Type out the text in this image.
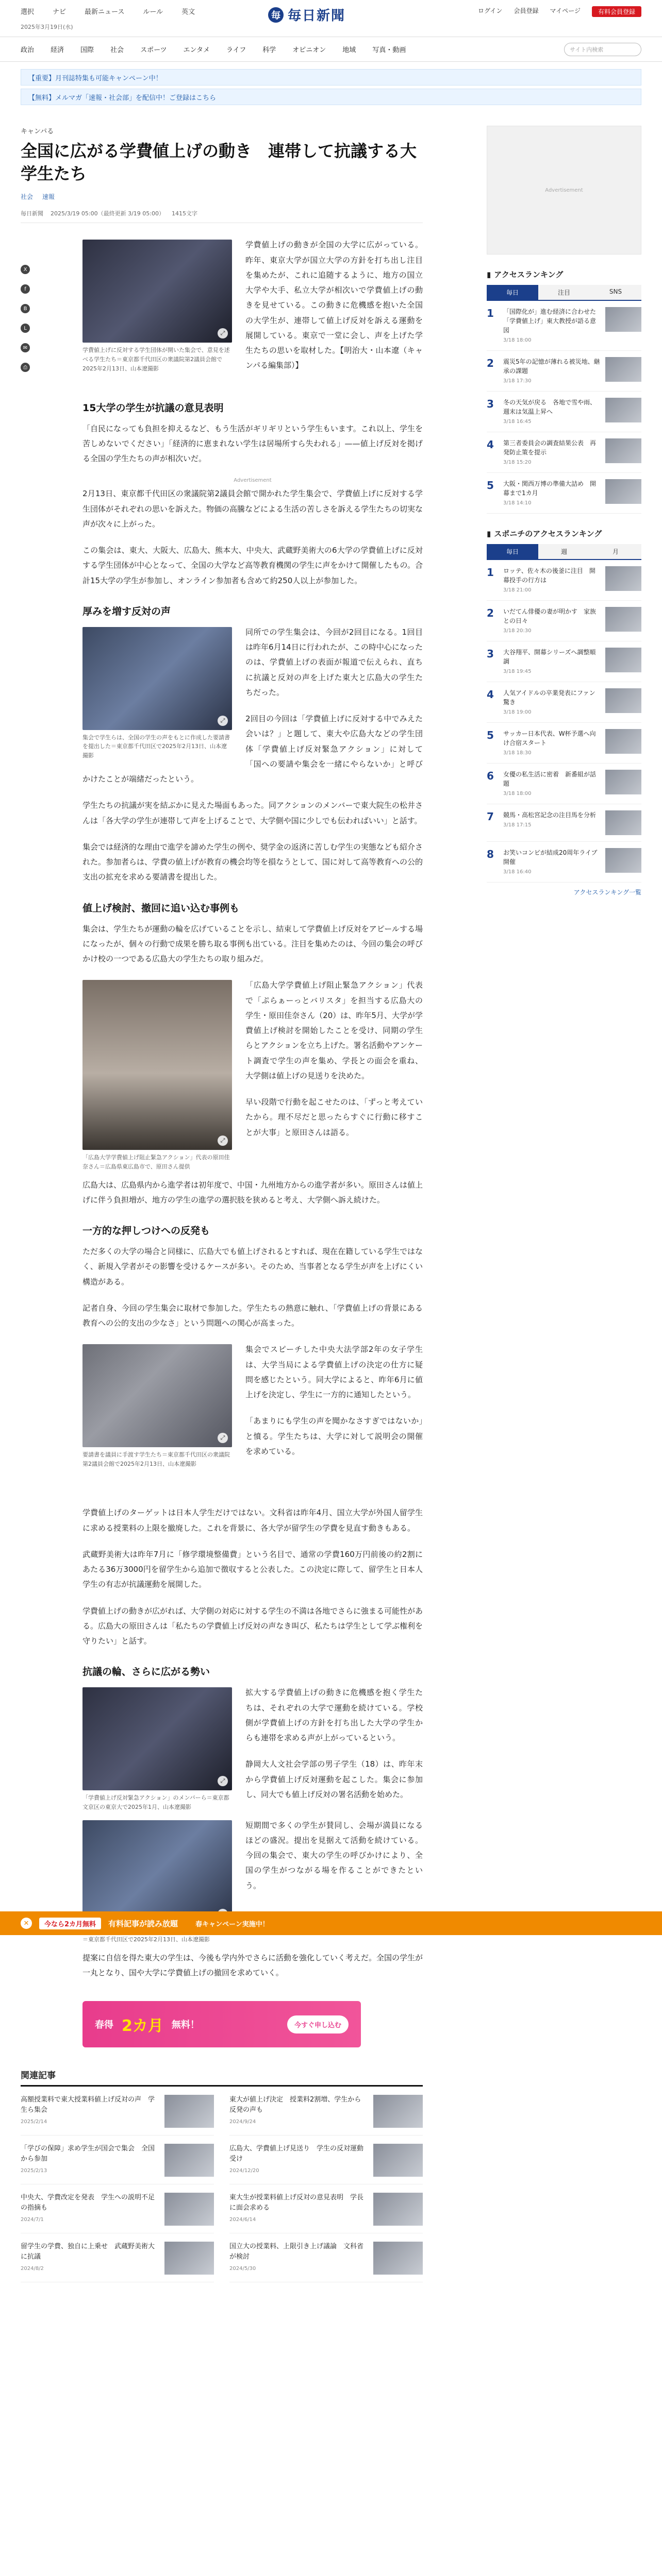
選択	ナビ	最新ニュース	ルール	英文
2025年3月19日(水)
毎 毎日新聞	ログイン 会員登録 マイページ	有料会員登録
政治 経済 国際 社会 スポーツ エンタメ ライフ 科学 オピニオン 地域 写真・動画	サイト内検索
【重要】月刊誌特集も可能キャンペーン中！
【無料】メルマガ「速報・社会部」を配信中！ご登録はこちら
キャンパる
全国に広がる学費値上げの動き　連帯して抗議する大学生たち
社会 速報
毎日新聞 2025/3/19 05:00（最終更新 3/19 05:00） 1415文字
X
f
B
L
✉
⎙
⤢
学費値上げに反対する学生団体が開いた集会で、意見を述べる学生たち＝東京都千代田区の衆議院第2議員会館で2025年2月13日、山本遼撮影

学費値上げの動きが全国の大学に広がっている。昨年、東京大学が国立大学の方針を打ち出し注目を集めたが、これに追随するように、地方の国立大学や大手、私立大学が相次いで学費値上げの動きを見せている。この動きに危機感を抱いた全国の大学生が、連帯して値上げ反対を訴える運動を展開している。東京で一堂に会し、声を上げた学生たちの思いを取材した。【明治大・山本遼（キャンパる編集部）】

15大学の学生が抗議の意見表明

「自民になっても負担を抑えるなど、もう生活がギリギリという学生もいます。これ以上、学生を苦しめないでください」「経済的に恵まれない学生は居場所すら失われる」——値上げ反対を掲げる全国の学生たちの声が相次いだ。

Advertisement

2月13日、東京都千代田区の衆議院第2議員会館で開かれた学生集会で、学費値上げに反対する学生団体がそれぞれの思いを訴えた。物価の高騰などによる生活の苦しさを訴える学生たちの切実な声が次々に上がった。

この集会は、東大、大阪大、広島大、熊本大、中央大、武蔵野美術大の6大学の学費値上げに反対する学生団体が中心となって、全国の大学など高等教育機関の学生に声をかけて開催したもの。合計15大学の学生が参加し、オンライン参加者も含めて約250人以上が参加した。

厚みを増す反対の声
⤢
集会で学生らは、全国の学生の声をもとに作成した要請書を提出した＝東京都千代田区で2025年2月13日、山本遼撮影

同所での学生集会は、今回が2回目になる。1回目は昨年6月14日に行われたが、この時中心になったのは、学費値上げの表面が報道で伝えられ、直ちに抗議と反対の声を上げた東大と広島大の学生たちだった。

2回目の今回は「学費値上げに反対する中でみえた会いは？」と題して、東大や広島大などの学生団体「学費値上げ反対緊急アクション」に対して「国への要請や集会を一緒にやらないか」と呼びかけたことが端緒だったという。

学生たちの抗議が実を結ぶかに見えた場面もあった。同アクションのメンバーで東大院生の松井さんは「各大学の学生が連帯して声を上げることで、大学側や国に少しでも伝わればいい」と話す。

集会では経済的な理由で進学を諦めた学生の例や、奨学金の返済に苦しむ学生の実態なども紹介された。参加者らは、学費の値上げが教育の機会均等を損なうとして、国に対して高等教育への公的支出の拡充を求める要請書を提出した。

値上げ検討、撤回に追い込む事例も

集会は、学生たちが運動の輪を広げていることを示し、結束して学費値上げ反対をアピールする場になったが、個々の行動で成果を勝ち取る事例も出ている。注目を集めたのは、今回の集会の呼びかけ校の一つである広島大の学生たちの取り組みだ。

⤢
「広島大学学費値上げ阻止緊急アクション」代表の原田佳奈さん＝広島県東広島市で、原田さん提供

「広島大学学費値上げ阻止緊急アクション」代表で「ぷらぁーっとバリスタ」を担当する広島大の学生・原田佳奈さん（20）は、昨年5月、大学が学費値上げ検討を開始したことを受け、同期の学生らとアクションを立ち上げた。署名活動やアンケート調査で学生の声を集め、学長との面会を重ね、大学側は値上げの見送りを決めた。

早い段階で行動を起こせたのは、「ずっと考えていたから。理不尽だと思ったらすぐに行動に移すことが大事」と原田さんは語る。

広島大は、広島県内から進学者は初年度で、中国・九州地方からの進学者が多い。原田さんは値上げに伴う負担増が、地方の学生の進学の選択肢を狭めると考え、大学側へ訴え続けた。

一方的な押しつけへの反発も

ただ多くの大学の場合と同様に、広島大でも値上げされるとすれば、現在在籍している学生ではなく、新規入学者がその影響を受けるケースが多い。そのため、当事者となる学生が声を上げにくい構造がある。

記者自身、今回の学生集会に取材で参加した。学生たちの熱意に触れ、「学費値上げの背景にある教育への公的支出の少なさ」という問題への関心が高まった。

⤢
要請書を議員に手渡す学生たち＝東京都千代田区の衆議院第2議員会館で2025年2月13日、山本遼撮影

集会でスピーチした中央大法学部2年の女子学生は、大学当局による学費値上げの決定の仕方に疑問を感じたという。同大学によると、昨年6月に値上げを決定し、学生に一方的に通知したという。

「あまりにも学生の声を聞かなさすぎではないか」と憤る。学生たちは、大学に対して説明会の開催を求めている。

学費値上げのターゲットは日本人学生だけではない。文科省は昨年4月、国立大学が外国人留学生に求める授業料の上限を撤廃した。これを背景に、各大学が留学生の学費を見直す動きもある。

武蔵野美術大は昨年7月に「修学環境整備費」という名目で、通常の学費160万円前後の約2割にあたる36万3000円を留学生から追加で徴収すると公表した。この決定に際して、留学生と日本人学生の有志が抗議運動を展開した。

学費値上げの動きが広がれば、大学側の対応に対する学生の不満は各地でさらに強まる可能性がある。広島大の原田さんは「私たちの学費値上げ反対の声なき叫び、私たちは学生として学ぶ権利を守りたい」と話す。

抗議の輪、さらに広がる勢い
⤢
「学費値上げ反対緊急アクション」のメンバーら＝東京都文京区の東京大で2025年1月、山本遼撮影

拡大する学費値上げの動きに危機感を抱く学生たちは、それぞれの大学で運動を続けている。学校側が学費値上げの方針を打ち出した大学の学生からも連帯を求める声が上がっているという。

静岡大人文社会学部の男子学生（18）は、昨年末から学費値上げ反対運動を起こした。集会に参加し、同大でも値上げ反対の署名活動を始めた。

＝東京都千代田区で2025年2月13日、山本遼撮影

短期間で多くの学生が賛同し、会場が満員になるほどの盛況。提出を見据えて活動を続けている。今回の集会で、東大の学生の呼びかけにより、全国の学生がつながる場を作ることができたという。

提案に自信を得た東大の学生は、今後も学内外でさらに活動を強化していく考えだ。全国の学生が一丸となり、国や大学に学費値上げの撤回を求めていく。

春得 2カ月 無料！	今すぐ申し込む
関連記事
高額授業料で東大授業料値上げ反対の声　学生ら集会
2025/2/14
東大が値上げ決定　授業料2割増、学生から反発の声も
2024/9/24
「学びの保障」求め学生が国会で集会　全国から参加
2025/2/13
広島大、学費値上げ見送り　学生の反対運動受け
2024/12/20
中央大、学費改定を発表　学生への説明不足の指摘も
2024/7/1
東大生が授業料値上げ反対の意見表明　学長に面会求める
2024/6/14
留学生の学費、独自に上乗せ　武蔵野美術大に抗議
2024/8/2
国立大の授業料、上限引き上げ議論　文科省が検討
2024/5/30
Advertisement
▮ アクセスランキング
毎日	注目	SNS
1	「国際化が」進む経済に合わせた「学費値上げ」東大教授が語る意図
3/18 18:00
2	震災5年の記憶が薄れる被災地、継承の課題
3/18 17:30
3	冬の天気が戻る　各地で雪や雨、週末は気温上昇へ
3/18 16:45
4	第三者委員会の調査結果公表　再発防止策を提示
3/18 15:20
5	大阪・関西万博の準備大詰め　開幕まで1カ月
3/18 14:10
▮ スポニチのアクセスランキング
毎日	週	月
1	ロッテ、佐々木の後釜に注目　開幕投手の行方は
3/18 21:00
2	いだてん俳優の妻が明かす　家族との日々
3/18 20:30
3	大谷翔平、開幕シリーズへ調整順調
3/18 19:45
4	人気アイドルの卒業発表にファン驚き
3/18 19:00
5	サッカー日本代表、W杯予選へ向け合宿スタート
3/18 18:30
6	女優の私生活に密着　新番組が話題
3/18 18:00
7	競馬・高松宮記念の注目馬を分析
3/18 17:15
8	お笑いコンビが結成20周年ライブ開催
3/18 16:40
アクセスランキング一覧
✕	今なら2カ月無料	有料記事が読み放題	春キャンペーン実施中！
